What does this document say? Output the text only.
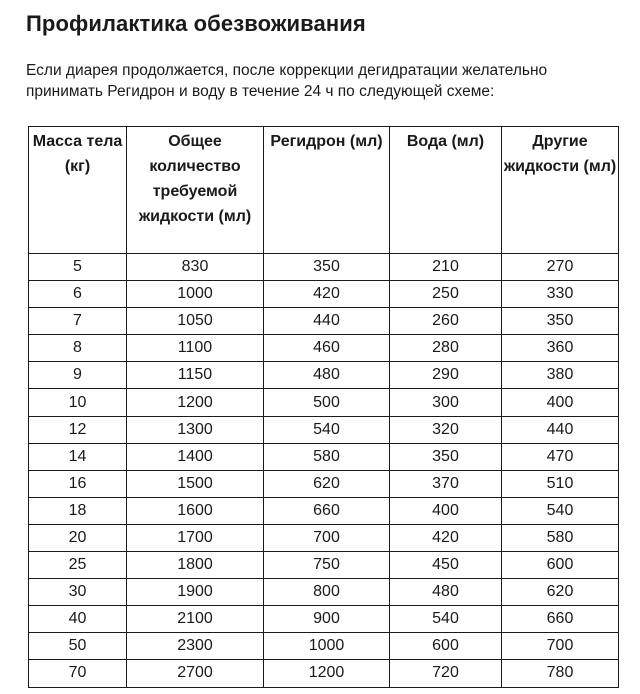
Профилактика обезвоживания
Если диарея продолжается, после коррекции дегидратации желательно принимать Регидрон и воду в течение 24 ч по следующей схеме:
Масса тела (кг)	Общее количество требуемой жидкости (мл)	Регидрон (мл)	Вода (мл)	Другие жидкости (мл)
5	830	350	210	270
6	1000	420	250	330
7	1050	440	260	350
8	1100	460	280	360
9	1150	480	290	380
10	1200	500	300	400
12	1300	540	320	440
14	1400	580	350	470
16	1500	620	370	510
18	1600	660	400	540
20	1700	700	420	580
25	1800	750	450	600
30	1900	800	480	620
40	2100	900	540	660
50	2300	1000	600	700
70	2700	1200	720	780
